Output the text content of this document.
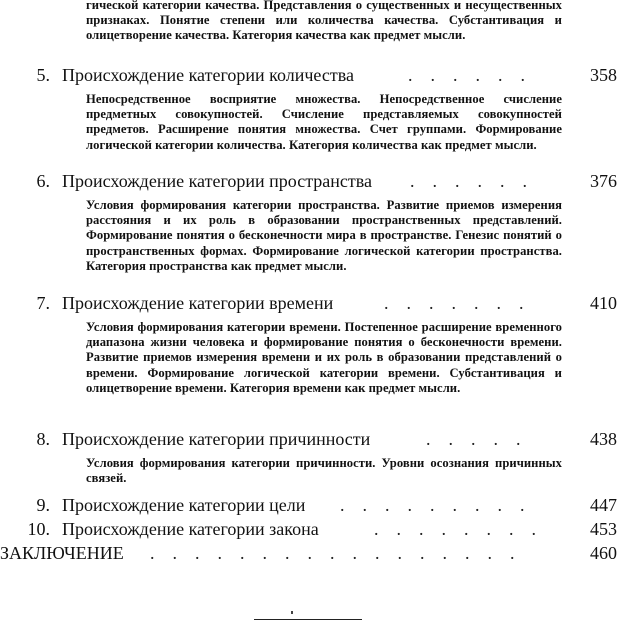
гической категории качества. Представления о существенных и несущественных признаках. Понятие степени или количества качества. Субстантивация и олицетворение качества. Категория качества как предмет мысли.
5. Происхождение категории количества	.    .    .    .    .    .	358
Непосредственное восприятие множества. Непосредственное счисление предметных совокупностей. Счисление представляемых совокупностей предметов. Расширение понятия множества. Счет группами. Формирование логической категории количества. Категория количества как предмет мысли.
6. Происхождение категории пространства .    .    .    .    .    .	376
Условия формирования категории пространства. Развитие приемов измерения расстояния и их роль в образовании пространственных представлений. Формирование понятия о бесконечности мира в пространстве. Генезис понятий о пространственных формах. Формирование логической категории пространства. Категория пространства как предмет мысли.
7. Происхождение категории времени	.    .    .    .    .    .    .	410
Условия формирования категории времени. Постепенное расширение временного диапазона жизни человека и формирование понятия о бесконечности времени. Развитие приемов измерения времени и их роль в образовании представлений о времени. Формирование логической категории времени. Субстантивация и олицетворение времени. Категория времени как предмет мысли.
8. Происхождение категории причинности	.    .    .    .    .	438
Условия формирования категории причинности. Уровни осознания причинных связей.
9. Происхождение категории цели .    .    .    .    .    .    .    .    .	447
10. Происхождение категории закона	.    .    .    .    .    .    .    .	453
ЗАКЛЮЧЕНИЕ .    .    .    .    .    .    .    .    .    .    .    .    .    .    .    .    .	460
